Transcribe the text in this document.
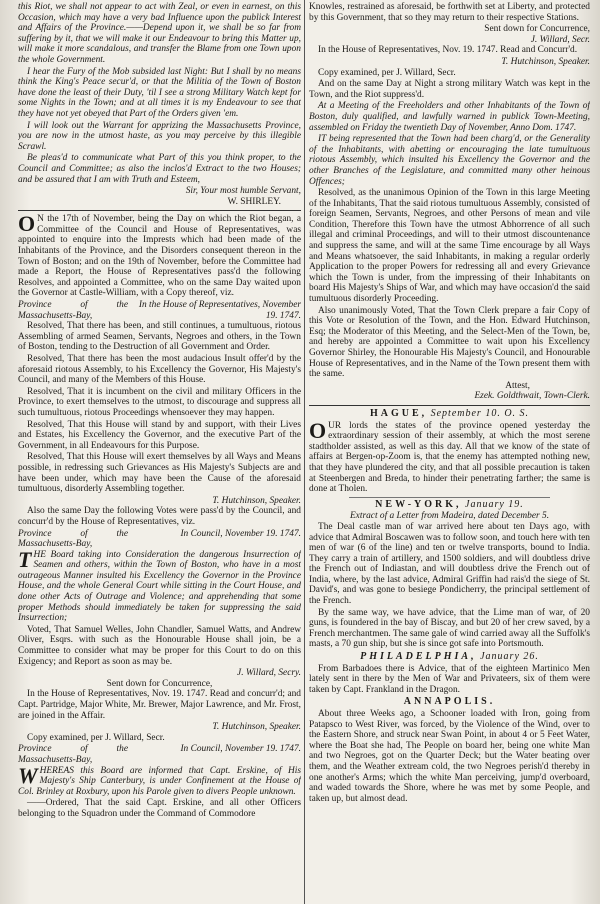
this Riot, we shall not appear to act with Zeal, or even in earnest, on this Occasion, which may have a very bad Influence upon the publick Interest and Affairs of the Province.——Depend upon it, we shall be so far from suffering by it, that we will make it our Endeavour to bring this Matter up, will make it more scandalous, and transfer the Blame from one Town upon the whole Government.

I hear the Fury of the Mob subsided last Night: But I shall by no means think the King's Peace secur'd, or that the Militia of the Town of Boston have done the least of their Duty, 'til I see a strong Military Watch kept for some Nights in the Town; and at all times it is my Endeavour to see that they have not yet obeyed that Part of the Orders given 'em.

I will look out the Warrant for apprizing the Massachusetts Province, you are now in the utmost haste, as you may perceive by this illegible Scrawl.

Be pleas'd to communicate what Part of this you think proper, to the Council and Committee; as also the inclos'd Extract to the two Houses; and be assured that I am with Truth and Esteem,

Sir, Your most humble Servant,
W. SHIRLEY.

O N the 17th of November, being the Day on which the Riot began, a Committee of the Council and House of Representatives, was appointed to enquire into the Imprests which had been made of the Inhabitants of the Province, and the Disorders consequent thereon in the Town of Boston; and on the 19th of November, before the Committee had made a Report, the House of Representatives pass'd the following Resolves, and appointed a Committee, who on the same Day waited upon the Governor at Castle-William, with a Copy thereof, viz.

Province of the Massachusetts-Bay,
In the House of Representatives, November 19. 1747.

Resolved, That there has been, and still continues, a tumultuous, riotous Assembling of armed Seamen, Servants, Negroes and others, in the Town of Boston, tending to the Destruction of all Government and Order.

Resolved, That there has been the most audacious Insult offer'd by the aforesaid riotous Assembly, to his Excellency the Governor, His Majesty's Council, and many of the Members of this House.

Resolved, That it is incumbent on the civil and military Officers in the Province, to exert themselves to the utmost, to discourage and suppress all such tumultuous, riotous Proceedings whensoever they may happen.

Resolved, That this House will stand by and support, with their Lives and Estates, his Excellency the Governor, and the executive Part of the Government, in all Endeavours for this Purpose.

Resolved, That this House will exert themselves by all Ways and Means possible, in redressing such Grievances as His Majesty's Subjects are and have been under, which may have been the Cause of the aforesaid tumultuous, disorderly Assembling together.

T. Hutchinson, Speaker.

Also the same Day the following Votes were pass'd by the Council, and concurr'd by the House of Representatives, viz.

Province of the Massachusetts-Bay,
In Council, November 19. 1747.

THE Board taking into Consideration the dangerous Insurrection of Seamen and others, within the Town of Boston, who have in a most outrageous Manner insulted his Excellency the Governor in the Province House, and the whole General Court while sitting in the Court House, and done other Acts of Outrage and Violence; and apprehending that some proper Methods should immediately be taken for suppressing the said Insurrection;

Voted, That Samuel Welles, John Chandler, Samuel Watts, and Andrew Oliver, Esqrs. with such as the Honourable House shall join, be a Committee to consider what may be proper for this Court to do on this Exigency; and Report as soon as may be.

J. Willard, Secry.
Sent down for Concurrence,

In the House of Representatives, Nov. 19. 1747. Read and concurr'd; and Capt. Partridge, Major White, Mr. Brewer, Major Lawrence, and Mr. Frost, are joined in the Affair.

T. Hutchinson, Speaker.

Copy examined, per J. Willard, Secr.

Province of the Massachusetts-Bay,
In Council, November 19. 1747.

WHEREAS this Board are informed that Capt. Erskine, of His Majesty's Ship Canterbury, is under Confinement at the House of Col. Brinley at Roxbury, upon his Parole given to divers People unknown.

——Ordered, That the said Capt. Erskine, and all other Officers belonging to the Squadron under the Command of Commodore

Knowles, restrained as aforesaid, be forthwith set at Liberty, and protected by this Government, that so they may return to their respective Stations.

Sent down for Concurrence,
J. Willard, Secr.

In the House of Representatives, Nov. 19. 1747. Read and Concurr'd.

T. Hutchinson, Speaker.

Copy examined, per J. Willard, Secr.

And on the same Day at Night a strong military Watch was kept in the Town, and the Riot suppress'd.

At a Meeting of the Freeholders and other Inhabitants of the Town of Boston, duly qualified, and lawfully warned in publick Town-Meeting, assembled on Friday the twentieth Day of November, Anno Dom. 1747.

IT being represented that the Town had been charg'd, or the Generality of the Inhabitants, with abetting or encouraging the late tumultuous riotous Assembly, which insulted his Excellency the Governor and the other Branches of the Legislature, and committed many other heinous Offences;

Resolved, as the unanimous Opinion of the Town in this large Meeting of the Inhabitants, That the said riotous tumultuous Assembly, consisted of foreign Seamen, Servants, Negroes, and other Persons of mean and vile Condition, Therefore this Town have the utmost Abhorrence of all such illegal and criminal Proceedings, and will to their utmost discountenance and suppress the same, and will at the same Time encourage by all Ways and Means whatsoever, the said Inhabitants, in making a regular orderly Application to the proper Powers for redressing all and every Grievance which the Town is under, from the impressing of their Inhabitants on board His Majesty's Ships of War, and which may have occasion'd the said tumultuous disorderly Proceeding.

Also unanimously Voted, That the Town Clerk prepare a fair Copy of this Vote or Resolution of the Town, and the Hon. Edward Hutchinson, Esq; the Moderator of this Meeting, and the Select-Men of the Town, be, and hereby are appointed a Committee to wait upon his Excellency Governor Shirley, the Honourable His Majesty's Council, and Honourable House of Representatives, and in the Name of the Town present them with the same.

Attest,
Ezek. Goldthwait, Town-Clerk.
HAGUE, September 10. O. S.

OUR lords the states of the province opened yesterday the extraordinary session of their assembly, at which the most serene stadtholder assisted, as well as this day. All that we know of the state of affairs at Bergen-op-Zoom is, that the enemy has attempted nothing new, that they have plundered the city, and that all possible precaution is taken at Steenbergen and Breda, to hinder their penetrating farther; the same is done at Tholen.

NEW-YORK, January 19.
Extract of a Letter from Madeira, dated December 5.

The Deal castle man of war arrived here about ten Days ago, with advice that Admiral Boscawen was to follow soon, and touch here with ten men of war (6 of the line) and ten or twelve transports, bound to India. They carry a train of artillery, and 1500 soldiers, and will doubtless drive the French out of Indiastan, and will doubtless drive the French out of India, where, by the last advice, Admiral Griffin had rais'd the siege of St. David's, and was gone to besiege Pondicherry, the principal settlement of the French.

By the same way, we have advice, that the Lime man of war, of 20 guns, is foundered in the bay of Biscay, and but 20 of her crew saved, by a French merchantmen. The same gale of wind carried away all the Suffolk's masts, a 70 gun ship, but she is since got safe into Portsmouth.

PHILADELPHIA, January 26.

From Barbadoes there is Advice, that of the eighteen Martinico Men lately sent in there by the Men of War and Privateers, six of them were taken by Capt. Frankland in the Dragon.

ANNAPOLIS.

About three Weeks ago, a Schooner loaded with Iron, going from Patapsco to West River, was forced, by the Violence of the Wind, over to the Eastern Shore, and struck near Swan Point, in about 4 or 5 Feet Water, where the Boat she had, The People on board her, being one white Man and two Negroes, got on the Quarter Deck; but the Water beating over them, and the Weather extream cold, the two Negroes perish'd thereby in one another's Arms; which the white Man perceiving, jump'd overboard, and waded towards the Shore, where he was met by some People, and taken up, but almost dead.
